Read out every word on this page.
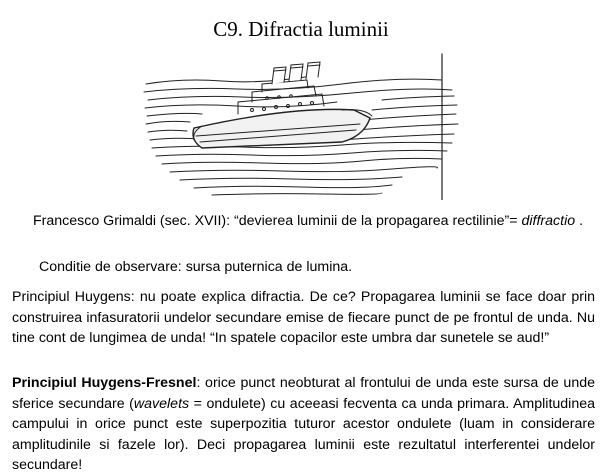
C9. Difractia luminii
Francesco Grimaldi (sec. XVII): “devierea luminii de la propagarea rectilinie”= diffractio .
Conditie de observare: sursa puternica de lumina.
Principiul Huygens: nu poate explica difractia. De ce? Propagarea luminii se face doar prin construirea infasuratorii undelor secundare emise de fiecare punct de pe frontul de unda. Nu tine cont de lungimea de unda! “In spatele copacilor este umbra dar sunetele se aud!”
Principiul Huygens-Fresnel: orice punct neobturat al frontului de unda este sursa de unde sferice secundare (wavelets = ondulete) cu aceeasi fecventa ca unda primara. Amplitudinea campului in orice punct este superpozitia tuturor acestor ondulete (luam in considerare amplitudinile si fazele lor). Deci propagarea luminii este rezultatul interferentei undelor secundare!
